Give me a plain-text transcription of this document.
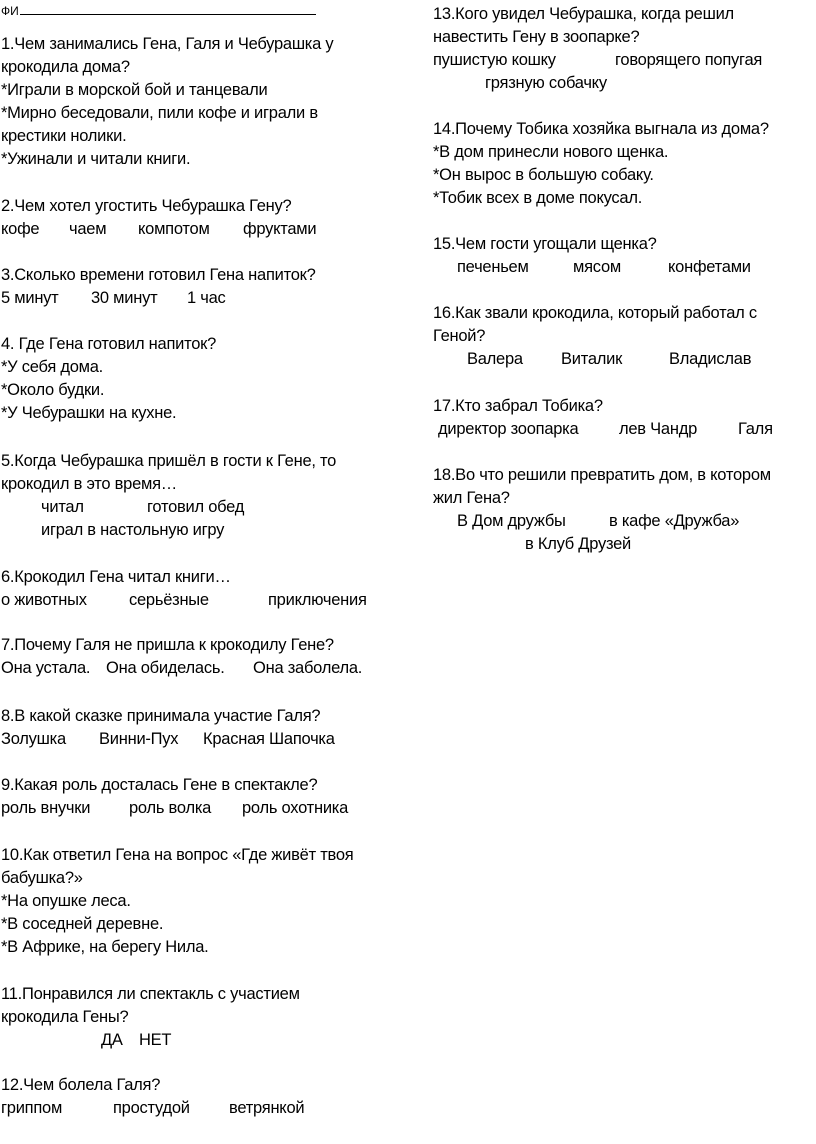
ФИ
1.Чем занимались Гена, Галя и Чебурашка у
крокодила дома?
*Играли в морской бой и танцевали
*Мирно беседовали, пили кофе и играли в
крестики нолики.
*Ужинали и читали книги.
2.Чем хотел угостить Чебурашка Гену?
кофе чаем компотом фруктами
3.Сколько времени готовил Гена напиток?
5 минут 30 минут 1 час
4. Где Гена готовил напиток?
*У себя дома.
*Около будки.
*У Чебурашки на кухне.
5.Когда Чебурашка пришёл в гости к Гене, то
крокодил в это время…
читал	готовил обед
играл в настольную игру
6.Крокодил Гена читал книги…
о животных	серьёзные	приключения
7.Почему Галя не пришла к крокодилу Гене?
Она устала. Она обиделась. Она заболела.
8.В какой сказке принимала участие Галя?
Золушка Винни-Пух Красная Шапочка
9.Какая роль досталась Гене в спектакле?
роль внучки роль волка роль охотника
10.Как ответил Гена на вопрос «Где живёт твоя
бабушка?»
*На опушке леса.
*В соседней деревне.
*В Африке, на берегу Нила.
11.Понравился ли спектакль с участием
крокодила Гены?
ДА НЕТ
12.Чем болела Галя?
гриппом	простудой ветрянкой
13.Кого увидел Чебурашка, когда решил
навестить Гену в зоопарке?
пушистую кошку	говорящего попугая
грязную собачку
14.Почему Тобика хозяйка выгнала из дома?
*В дом принесли нового щенка.
*Он вырос в большую собаку.
*Тобик всех в доме покусал.
15.Чем гости угощали щенка?
печеньем	мясом	конфетами
16.Как звали крокодила, который работал с
Геной?
Валера Виталик	Владислав
17.Кто забрал Тобика?
директор зоопарка лев Чандр Галя
18.Во что решили превратить дом, в котором
жил Гена?
В Дом дружбы	в кафе «Дружба»
в Клуб Друзей
